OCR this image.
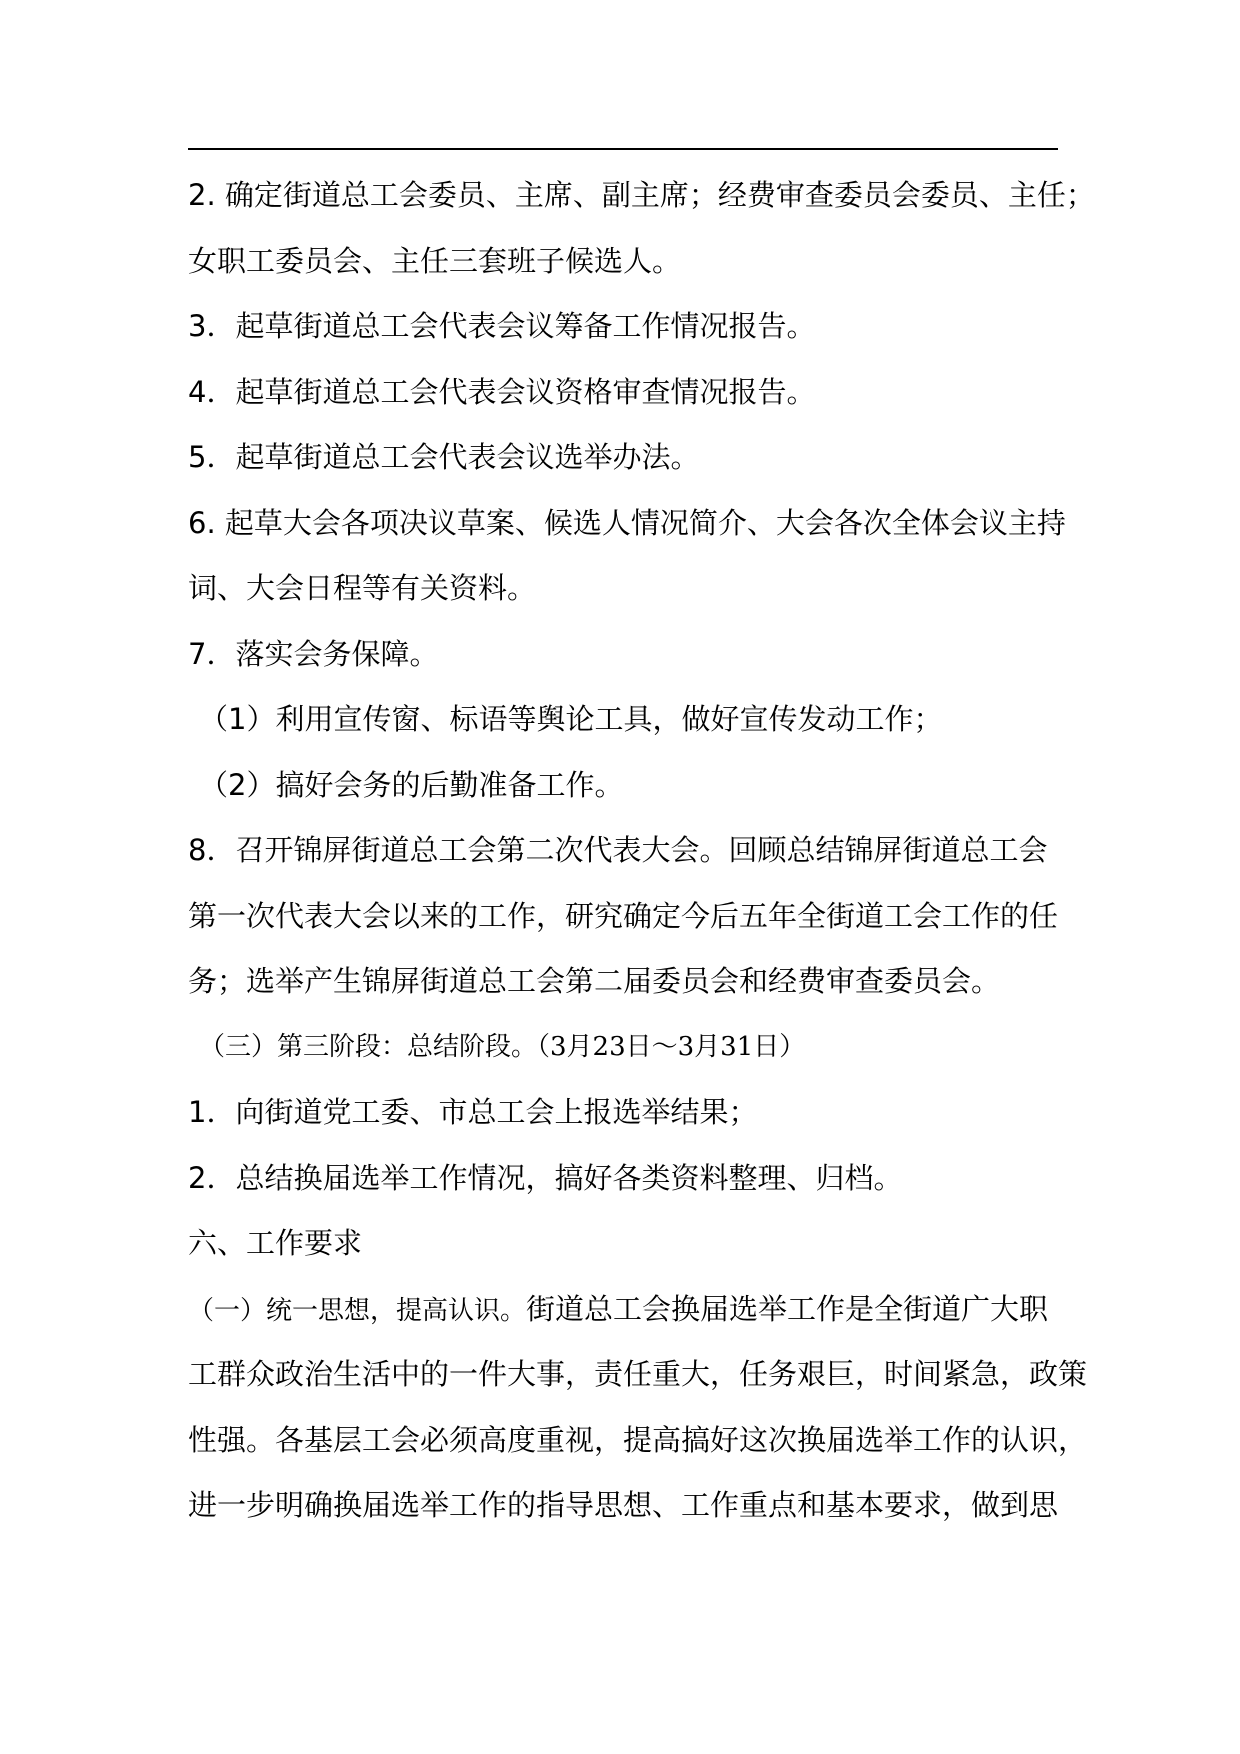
2. 确定街道总工会委员、主席、副主席；经费审查委员会委员、主任；
女职工委员会、主任三套班子候选人。
3．起草街道总工会代表会议筹备工作情况报告。
4．起草街道总工会代表会议资格审查情况报告。
5．起草街道总工会代表会议选举办法。
6. 起草大会各项决议草案、候选人情况简介、大会各次全体会议主持
词、大会日程等有关资料。
7．落实会务保障。
（1）利用宣传窗、标语等舆论工具，做好宣传发动工作；
（2）搞好会务的后勤准备工作。
8．召开锦屏街道总工会第二次代表大会。回顾总结锦屏街道总工会
第一次代表大会以来的工作，研究确定今后五年全街道工会工作的任
务；选举产生锦屏街道总工会第二届委员会和经费审查委员会。
（三）第三阶段：总结阶段。（3月23日～3月31日）
1．向街道党工委、市总工会上报选举结果；
2．总结换届选举工作情况，搞好各类资料整理、归档。
六、工作要求
（一）统一思想，提高认识。街道总工会换届选举工作是全街道广大职
工群众政治生活中的一件大事，责任重大，任务艰巨，时间紧急，政策
性强。各基层工会必须高度重视，提高搞好这次换届选举工作的认识，
进一步明确换届选举工作的指导思想、工作重点和基本要求，做到思
